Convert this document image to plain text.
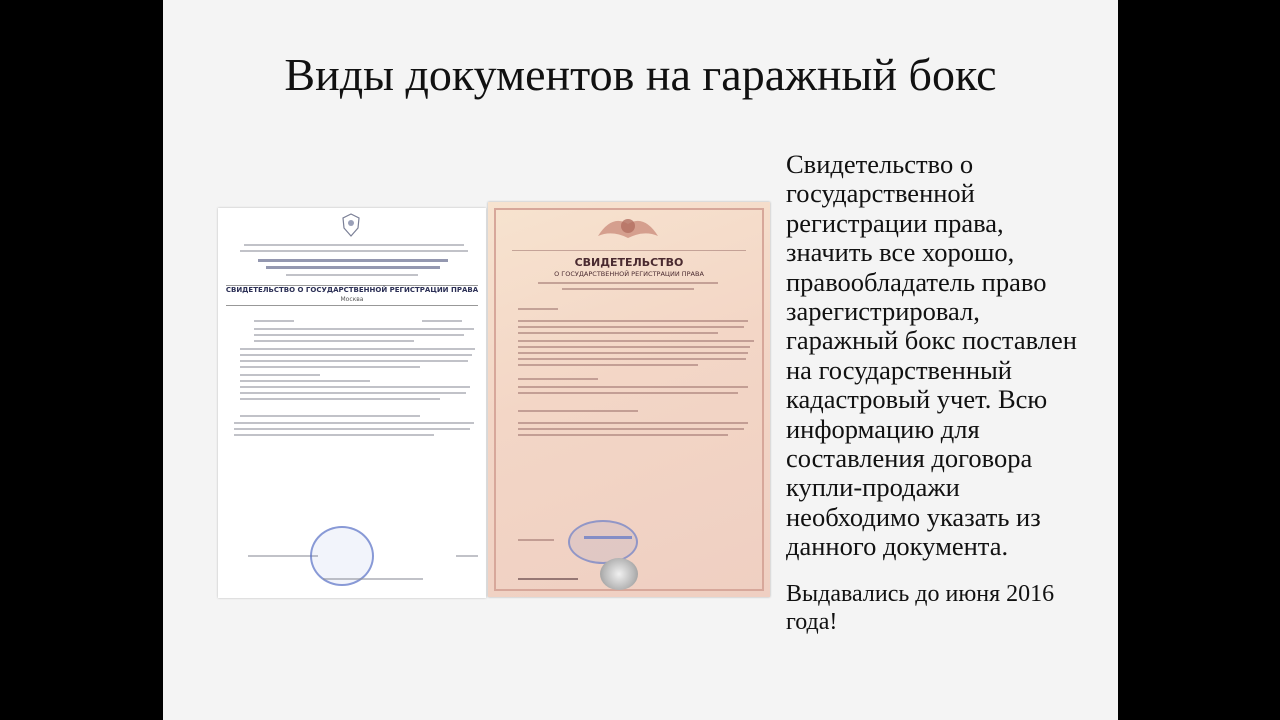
Виды документов на гаражный бокс
СВИДЕТЕЛЬСТВО О ГОСУДАРСТВЕННОЙ РЕГИСТРАЦИИ ПРАВА
Москва
СВИДЕТЕЛЬСТВО
О ГОСУДАРСТВЕННОЙ РЕГИСТРАЦИИ ПРАВА

Свидетельство о государственной регистрации права, значить все хорошо, правообладатель право зарегистрировал, гаражный бокс поставлен на государственный кадастровый учет. Всю информацию для составления договора купли-продажи необходимо указать из данного документа.

Выдавались до июня 2016 года!
